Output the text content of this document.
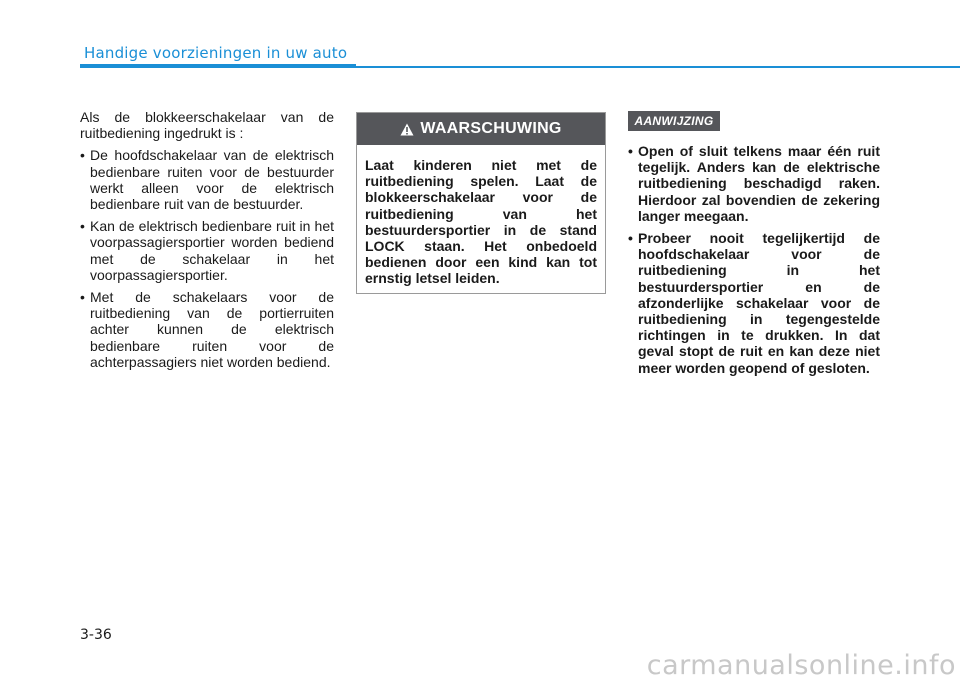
Handige voorzieningen in uw auto

Als de blokkeerschakelaar van de ruitbediening ingedrukt is :

• De hoofdschakelaar van de elektrisch bedienbare ruiten voor de bestuurder werkt alleen voor de elektrisch bedienbare ruit van de bestuurder.
• Kan de elektrisch bedienbare ruit in het voorpassagiersportier worden bediend met de schakelaar in het voorpassagiersportier.
• Met de schakelaars voor de ruitbediening van de portierruiten achter kunnen de elektrisch bedienbare ruiten voor de achterpassagiers niet worden bediend.
WAARSCHUWING
Laat kinderen niet met de ruitbediening spelen. Laat de blokkeerschakelaar voor de ruitbediening van het bestuurdersportier in de stand LOCK staan. Het onbedoeld bedienen door een kind kan tot ernstig letsel leiden.
AANWIJZING
• Open of sluit telkens maar één ruit tegelijk. Anders kan de elektrische ruitbediening beschadigd raken. Hierdoor zal bovendien de zekering langer meegaan.
• Probeer nooit tegelijkertijd de hoofdschakelaar voor de ruitbediening in het bestuurdersportier en de afzonderlijke schakelaar voor de ruitbediening in tegengestelde richtingen in te drukken. In dat geval stopt de ruit en kan deze niet meer worden geopend of gesloten.
3-36
carmanualsonline.info
